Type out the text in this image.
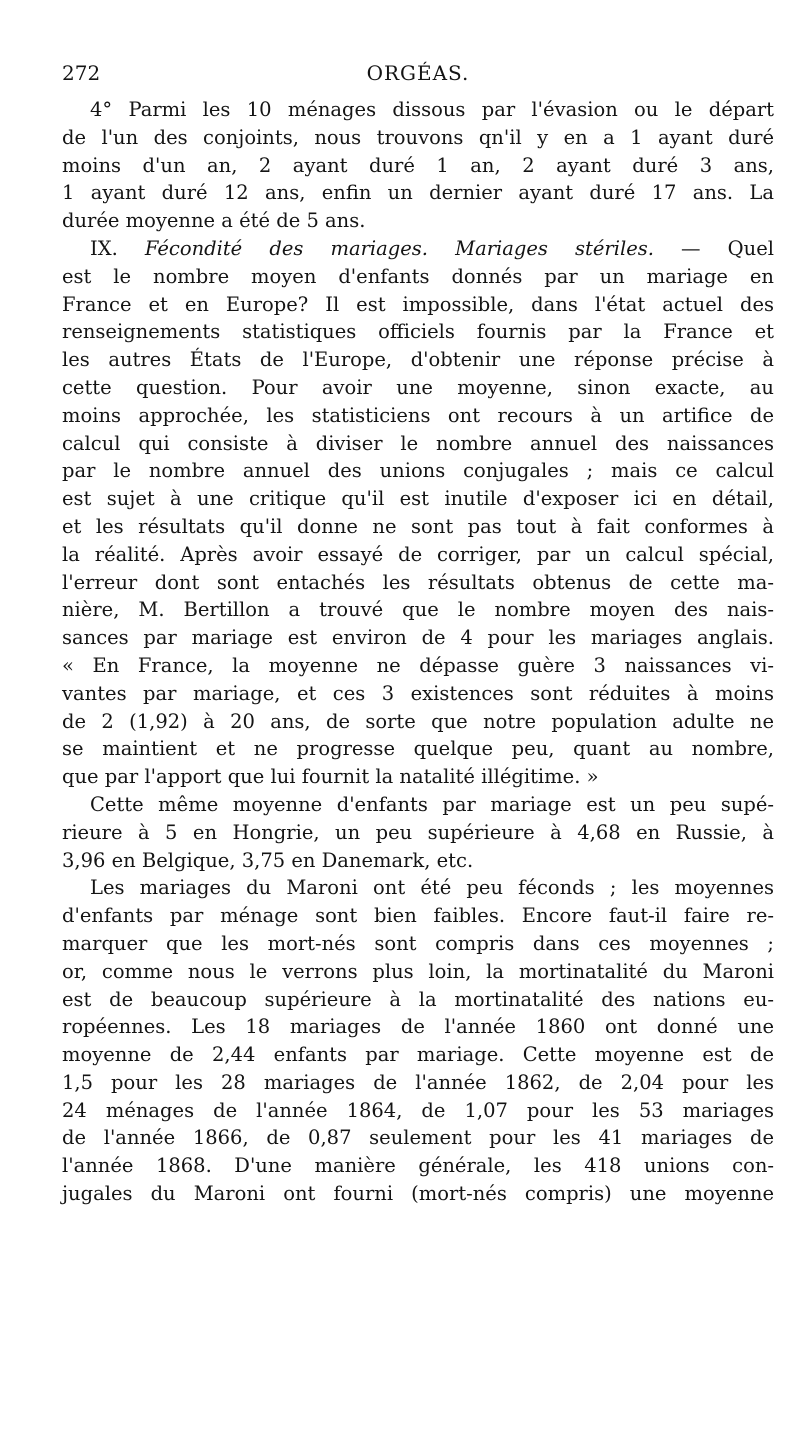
272	ORGÉAS.
4° Parmi les 10 ménages dissous par l'évasion ou le départ
de l'un des conjoints, nous trouvons qn'il y en a 1 ayant duré
moins d'un an, 2 ayant duré 1 an, 2 ayant duré 3 ans,
1 ayant duré 12 ans, enfin un dernier ayant duré 17 ans. La
durée moyenne a été de 5 ans.
IX. Fécondité des mariages. Mariages stériles. — Quel
est le nombre moyen d'enfants donnés par un mariage en
France et en Europe? Il est impossible, dans l'état actuel des
renseignements statistiques officiels fournis par la France et
les autres États de l'Europe, d'obtenir une réponse précise à
cette question. Pour avoir une moyenne, sinon exacte, au
moins approchée, les statisticiens ont recours à un artifice de
calcul qui consiste à diviser le nombre annuel des naissances
par le nombre annuel des unions conjugales ; mais ce calcul
est sujet à une critique qu'il est inutile d'exposer ici en détail,
et les résultats qu'il donne ne sont pas tout à fait conformes à
la réalité. Après avoir essayé de corriger, par un calcul spécial,
l'erreur dont sont entachés les résultats obtenus de cette ma-
nière, M. Bertillon a trouvé que le nombre moyen des nais-
sances par mariage est environ de 4 pour les mariages anglais.
« En France, la moyenne ne dépasse guère 3 naissances vi-
vantes par mariage, et ces 3 existences sont réduites à moins
de 2 (1,92) à 20 ans, de sorte que notre population adulte ne
se maintient et ne progresse quelque peu, quant au nombre,
que par l'apport que lui fournit la natalité illégitime. »
Cette même moyenne d'enfants par mariage est un peu supé-
rieure à 5 en Hongrie, un peu supérieure à 4,68 en Russie, à
3,96 en Belgique, 3,75 en Danemark, etc.
Les mariages du Maroni ont été peu féconds ; les moyennes
d'enfants par ménage sont bien faibles. Encore faut-il faire re-
marquer que les mort-nés sont compris dans ces moyennes ;
or, comme nous le verrons plus loin, la mortinatalité du Maroni
est de beaucoup supérieure à la mortinatalité des nations eu-
ropéennes. Les 18 mariages de l'année 1860 ont donné une
moyenne de 2,44 enfants par mariage. Cette moyenne est de
1,5 pour les 28 mariages de l'année 1862, de 2,04 pour les
24 ménages de l'année 1864, de 1,07 pour les 53 mariages
de l'année 1866, de 0,87 seulement pour les 41 mariages de
l'année 1868. D'une manière générale, les 418 unions con-
jugales du Maroni ont fourni (mort-nés compris) une moyenne
